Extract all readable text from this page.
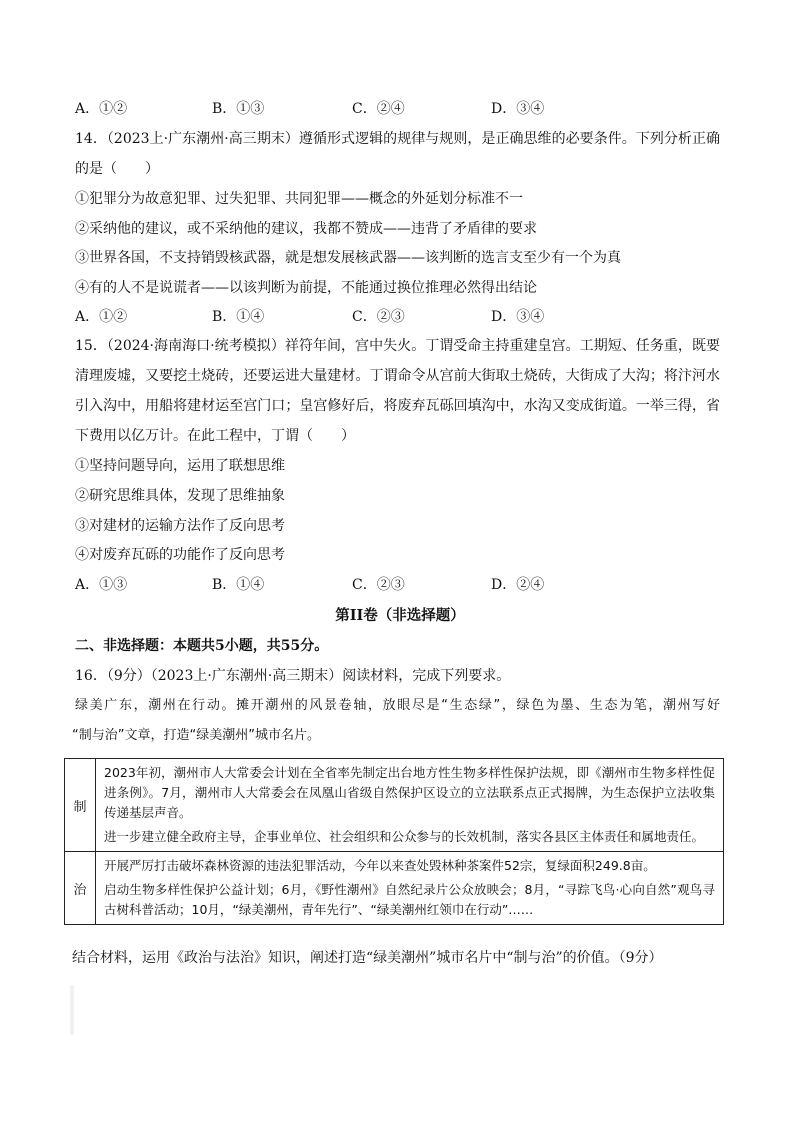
A．①②	B．①③	C．②④	D．③④
14．（2023上·广东潮州·高三期末）遵循形式逻辑的规律与规则，是正确思维的必要条件。下列分析正确
的是（　　）
①犯罪分为故意犯罪、过失犯罪、共同犯罪——概念的外延划分标准不一
②采纳他的建议，或不采纳他的建议，我都不赞成——违背了矛盾律的要求
③世界各国，不支持销毁核武器，就是想发展核武器——该判断的选言支至少有一个为真
④有的人不是说谎者——以该判断为前提，不能通过换位推理必然得出结论
A．①②	B．①④	C．②③	D．③④
15．（2024·海南海口·统考模拟）祥符年间，宫中失火。丁谓受命主持重建皇宫。工期短、任务重，既要
清理废墟，又要挖土烧砖，还要运进大量建材。丁谓命令从宫前大街取土烧砖，大街成了大沟；将汴河水
引入沟中，用船将建材运至宫门口；皇宫修好后，将废弃瓦砾回填沟中，水沟又变成街道。一举三得，省
下费用以亿万计。在此工程中，丁谓（　　）
①坚持问题导向，运用了联想思维
②研究思维具体，发现了思维抽象
③对建材的运输方法作了反向思考
④对废弃瓦砾的功能作了反向思考
A．①③	B．①④	C．②③	D．②④
第II卷（非选择题）
二、非选择题：本题共5小题，共55分。
16．（9分）（2023上·广东潮州·高三期末）阅读材料，完成下列要求。
绿美广东，潮州在行动。摊开潮州的风景卷轴，放眼尽是“生态绿”，绿色为墨、生态为笔，潮州写好
“制与治”文章，打造“绿美潮州”城市名片。
制	2023年初，潮州市人大常委会计划在全省率先制定出台地方性生物多样性保护法规，即《潮州市生物多样性促进条例》。7月，潮州市人大常委会在凤凰山省级自然保护区设立的立法联系点正式揭牌，为生态保护立法收集传递基层声音。

进一步建立健全政府主导，企事业单位、社会组织和公众参与的长效机制，落实各县区主体责任和属地责任。

治	开展严厉打击破坏森林资源的违法犯罪活动，今年以来查处毁林种茶案件52宗，复绿面积249.8亩。

启动生物多样性保护公益计划；6月，《野性潮州》自然纪录片公众放映会；8月，“寻踪飞鸟·心向自然”观鸟寻古树科普活动；10月，“绿美潮州，青年先行”、“绿美潮州红领巾在行动”……

结合材料，运用《政治与法治》知识，阐述打造“绿美潮州”城市名片中“制与治”的价值。（9分）
